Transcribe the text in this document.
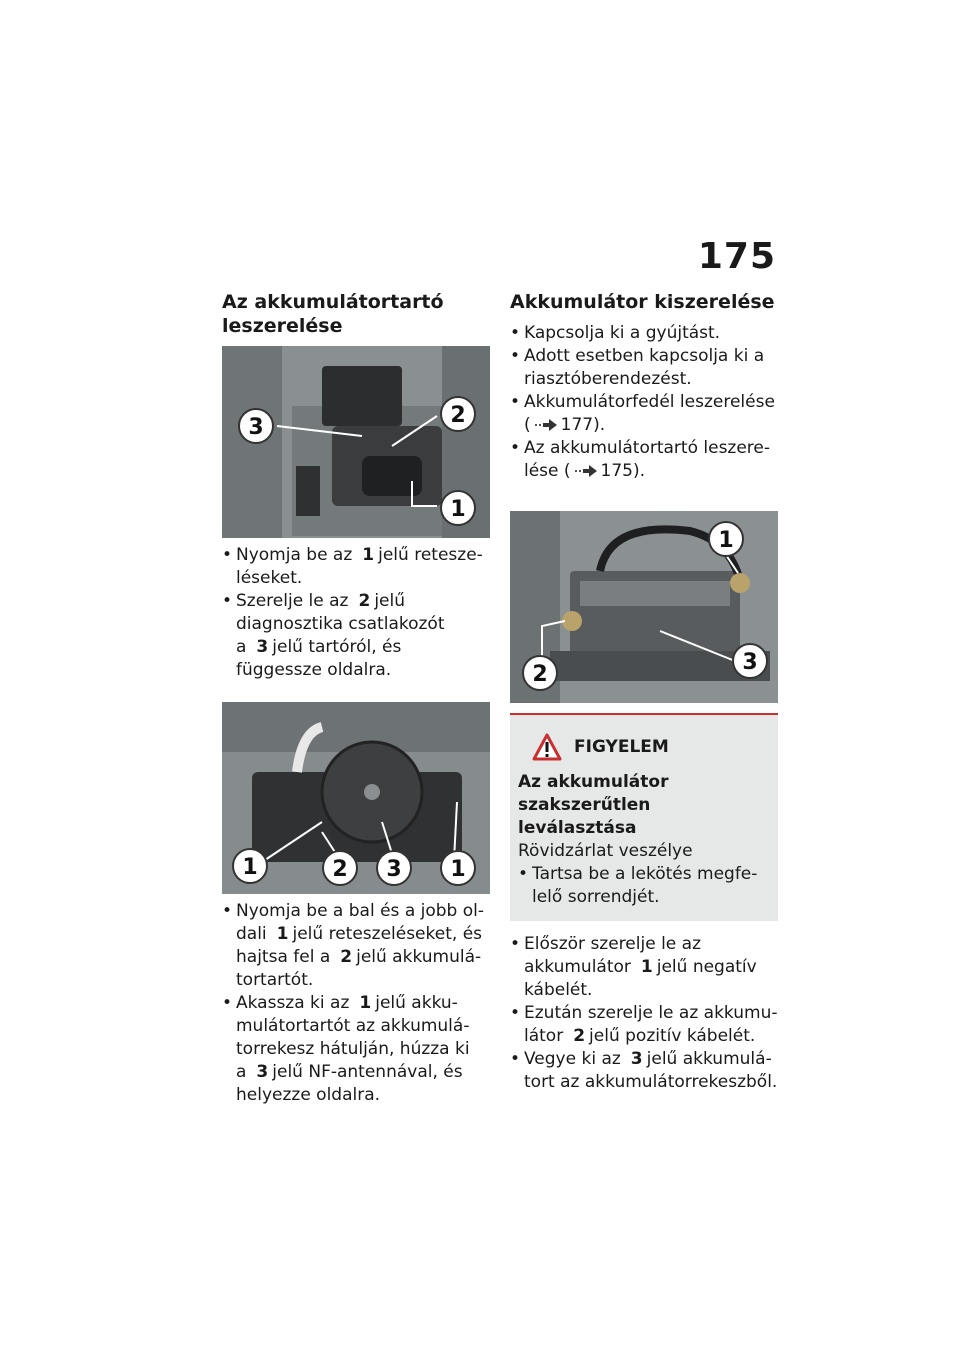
175
Az akkumulátortartó leszerelése
3	2
1
• Nyomja be az 1 jelű reteszeléseket.
• Szerelje le az 2 jelű diagnosztika csatlakozót a 3 jelű tartóról, és függessze oldalra.
1	2 3 1
• Nyomja be a bal és a jobb oldali 1 jelű reteszeléseket, és hajtsa fel a 2 jelű akkumulátortartót.
• Akassza ki az 1 jelű akkumulátortartót az akkumulátorrekesz hátulján, húzza ki a 3 jelű NF-antennával, és helyezze oldalra.
Akkumulátor kiszerelése
• Kapcsolja ki a gyújtást.
• Adott esetben kapcsolja ki a riasztóberendezést.
• Akkumulátorfedél leszerelése
( 177).
• Az akkumulátortartó leszerelése ( 175).
1
2	3
FIGYELEM
Az akkumulátor szakszerűtlen leválasztása
Rövidzárlat veszélye
• Tartsa be a lekötés megfelelő sorrendjét.
• Először szerelje le az akkumulátor 1 jelű negatív kábelét.
• Ezután szerelje le az akkumulátor 2 jelű pozitív kábelét.
• Vegye ki az 3 jelű akkumulátort az akkumulátorrekeszből.
